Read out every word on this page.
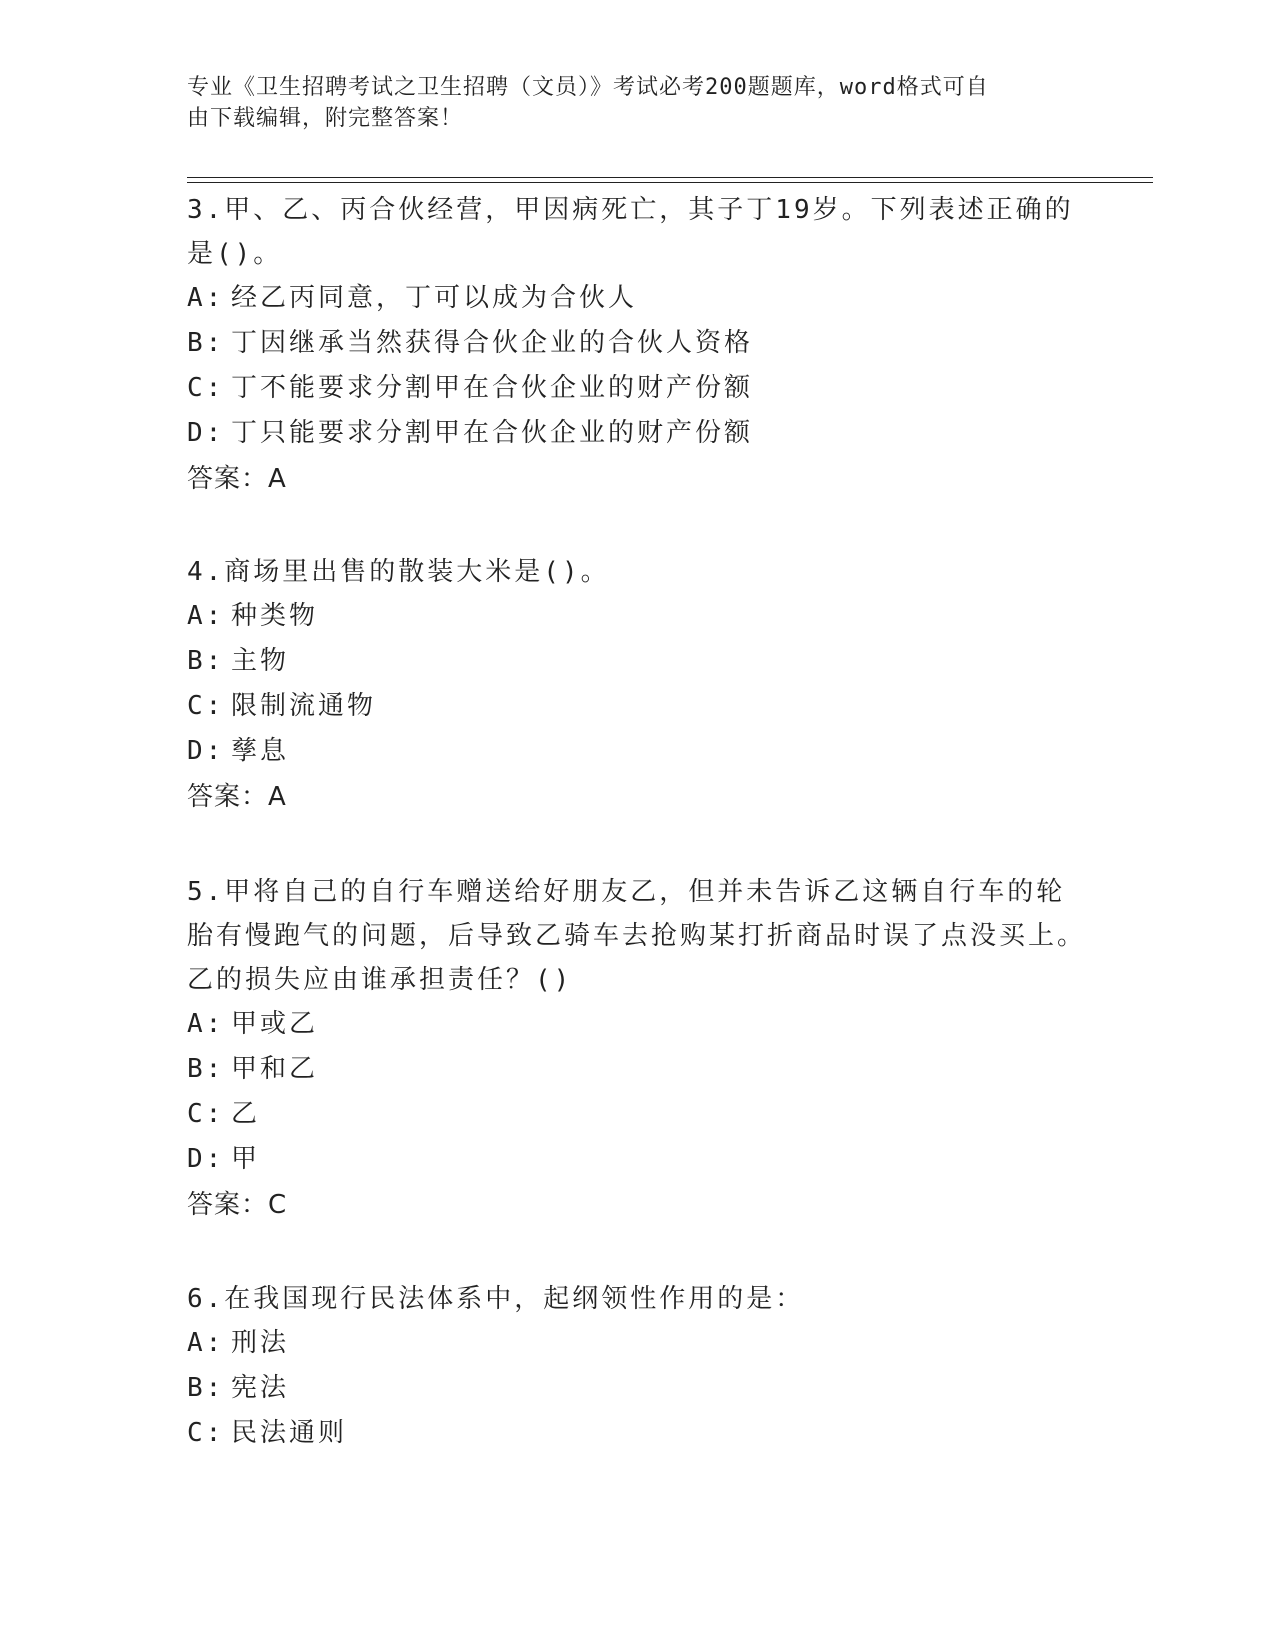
专业《卫生招聘考试之卫生招聘（文员）》考试必考200题题库，word格式可自
由下载编辑，附完整答案！

3.甲、乙、丙合伙经营，甲因病死亡，其子丁19岁。下列表述正确的是()。

A: 经乙丙同意，丁可以成为合伙人

B: 丁因继承当然获得合伙企业的合伙人资格

C: 丁不能要求分割甲在合伙企业的财产份额

D: 丁只能要求分割甲在合伙企业的财产份额

答案：A

4.商场里出售的散装大米是()。

A: 种类物

B: 主物

C: 限制流通物

D: 孳息

答案：A

5.甲将自己的自行车赠送给好朋友乙，但并未告诉乙这辆自行车的轮胎有慢跑气的问题，后导致乙骑车去抢购某打折商品时误了点没买上。乙的损失应由谁承担责任？()

A: 甲或乙

B: 甲和乙

C: 乙

D: 甲

答案：C

6.在我国现行民法体系中，起纲领性作用的是：

A: 刑法

B: 宪法

C: 民法通则
